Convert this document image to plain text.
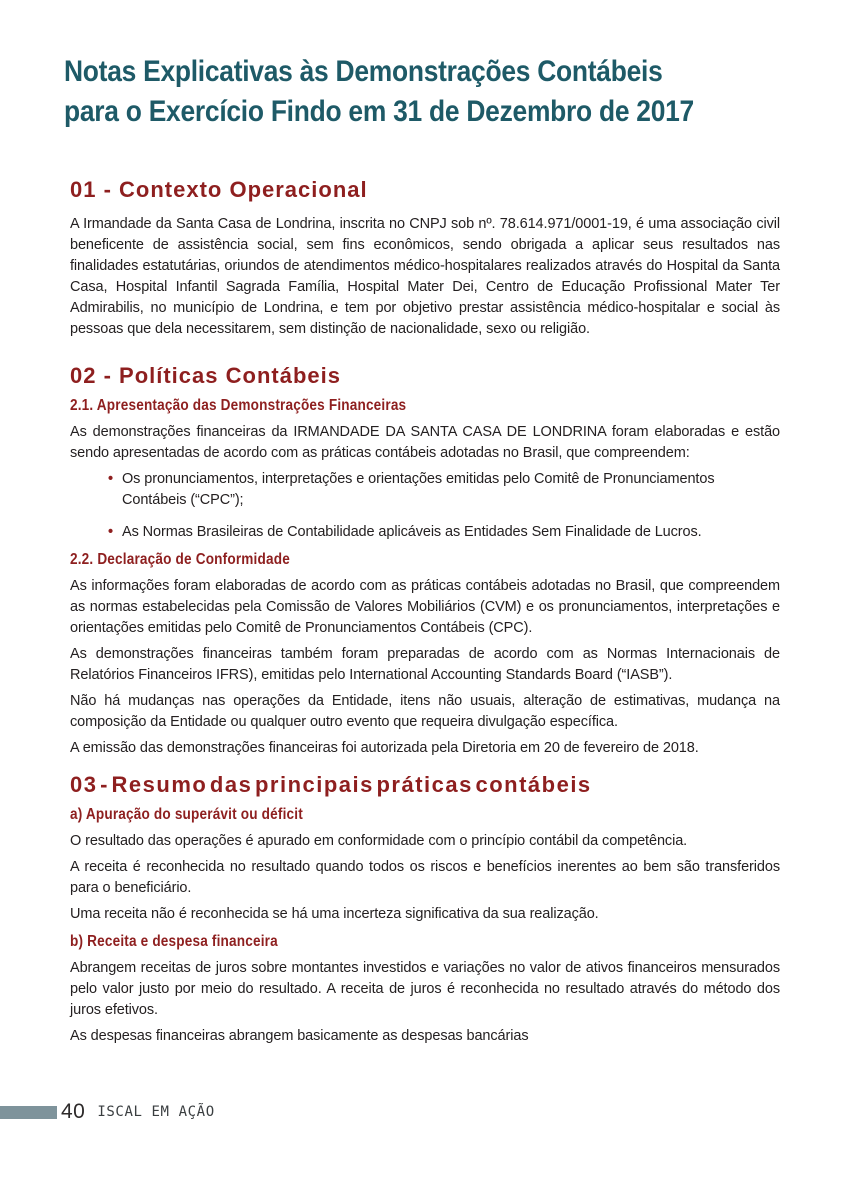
Notas Explicativas às Demonstrações Contábeis
para o Exercício Findo em 31 de Dezembro de 2017
01 - Contexto Operacional

A Irmandade da Santa Casa de Londrina, inscrita no CNPJ sob nº. 78.614.971/0001-19, é uma associação civil beneficente de assistência social, sem fins econômicos, sendo obrigada a aplicar seus resultados nas finalidades estatutárias, oriundos de atendimentos médico-hospitalares realizados através do Hospital da Santa Casa, Hospital Infantil Sagrada Família, Hospital Mater Dei, Centro de Educação Profissional Mater Ter Admirabilis, no município de Londrina, e tem por objetivo prestar assistência médico-hospitalar e social às pessoas que dela necessitarem, sem distinção de nacionalidade, sexo ou religião.

02 - Políticas Contábeis
2.1. Apresentação das Demonstrações Financeiras

As demonstrações financeiras da IRMANDADE DA SANTA CASA DE LONDRINA foram elaboradas e estão sendo apresentadas de acordo com as práticas contábeis adotadas no Brasil, que compreendem:

• Os pronunciamentos, interpretações e orientações emitidas pelo Comitê de Pronunciamentos Contábeis (“CPC”);
• As Normas Brasileiras de Contabilidade aplicáveis as Entidades Sem Finalidade de Lucros.
2.2. Declaração de Conformidade

As informações foram elaboradas de acordo com as práticas contábeis adotadas no Brasil, que compreendem as normas estabelecidas pela Comissão de Valores Mobiliários (CVM) e os pronunciamentos, interpretações e orientações emitidas pelo Comitê de Pronunciamentos Contábeis (CPC).

As demonstrações financeiras também foram preparadas de acordo com as Normas Internacionais de Relatórios Financeiros IFRS), emitidas pelo International Accounting Standards Board (“IASB”).

Não há mudanças nas operações da Entidade, itens não usuais, alteração de estimativas, mudança na composição da Entidade ou qualquer outro evento que requeira divulgação específica.

A emissão das demonstrações financeiras foi autorizada pela Diretoria em 20 de fevereiro de 2018.

03 - Resumo das principais práticas contábeis
a) Apuração do superávit ou déficit

O resultado das operações é apurado em conformidade com o princípio contábil da competência.

A receita é reconhecida no resultado quando todos os riscos e benefícios inerentes ao bem são transferidos para o beneficiário.

Uma receita não é reconhecida se há uma incerteza significativa da sua realização.

b) Receita e despesa financeira

Abrangem receitas de juros sobre montantes investidos e variações no valor de ativos financeiros mensurados pelo valor justo por meio do resultado. A receita de juros é reconhecida no resultado através do método dos juros efetivos.

As despesas financeiras abrangem basicamente as despesas bancárias

40 ISCAL EM AÇÃO
